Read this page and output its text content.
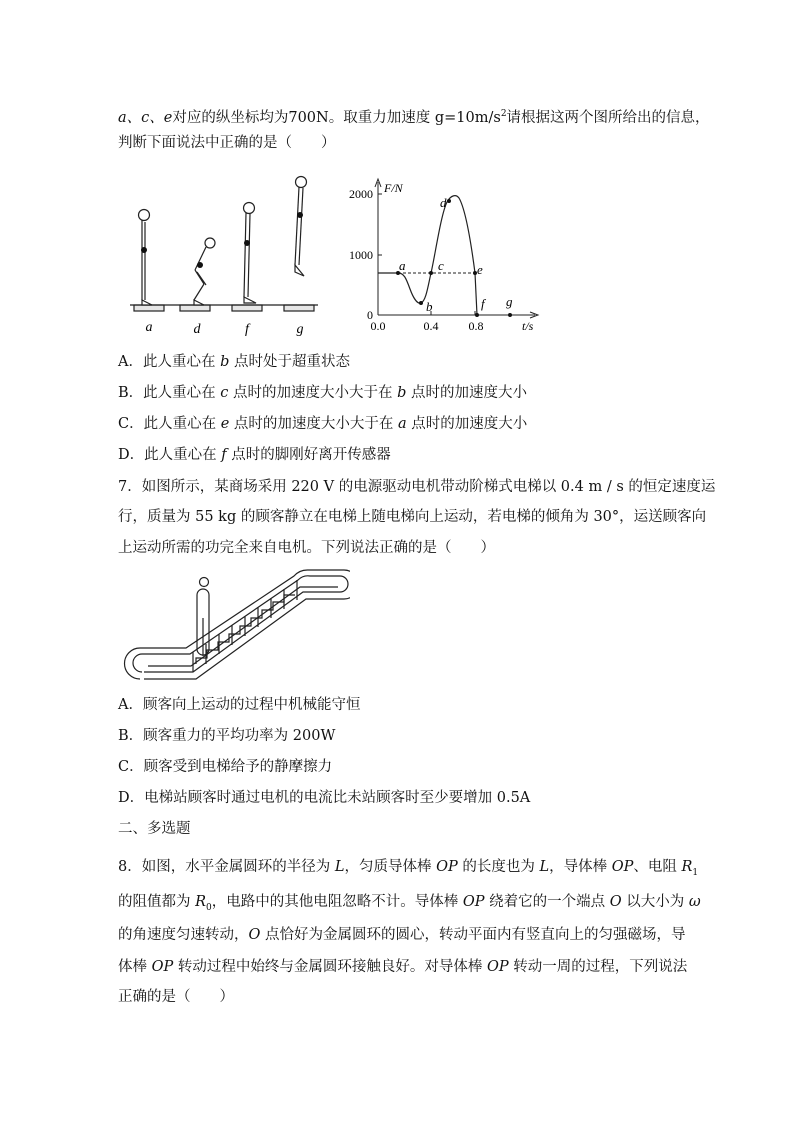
a、c、e对应的纵坐标均为700N。取重力加速度 $g=10m/s^2$请根据这两个图所给出的信息，
判断下面说法中正确的是（　　）
a	d	f	g
F/N
t/s
2000
1000
0
0.0	0.4	0.8
a
b
c
d
e
f g
A．此人重心在 b 点时处于超重状态
B．此人重心在 c 点时的加速度大小大于在 b 点时的加速度大小
C．此人重心在 e 点时的加速度大小大于在 a 点时的加速度大小
D．此人重心在 f 点时的脚刚好离开传感器
7．如图所示，某商场采用 220 V 的电源驱动电机带动阶梯式电梯以 0.4 m / s 的恒定速度运
行，质量为 55 kg 的顾客静立在电梯上随电梯向上运动，若电梯的倾角为 30°，运送顾客向
上运动所需的功完全来自电机。下列说法正确的是（　　）
A．顾客向上运动的过程中机械能守恒
B．顾客重力的平均功率为 200W
C．顾客受到电梯给予的静摩擦力
D．电梯站顾客时通过电机的电流比未站顾客时至少要增加 0.5A
二、多选题
8．如图，水平金属圆环的半径为 L，匀质导体棒 OP 的长度也为 L，导体棒 OP、电阻 $R_1$
的阻值都为 $R_0$，电路中的其他电阻忽略不计。导体棒 OP 绕着它的一个端点 O 以大小为 ω
的角速度匀速转动，O 点恰好为金属圆环的圆心，转动平面内有竖直向上的匀强磁场，导
体棒 OP 转动过程中始终与金属圆环接触良好。对导体棒 OP 转动一周的过程，下列说法
正确的是（　　）
